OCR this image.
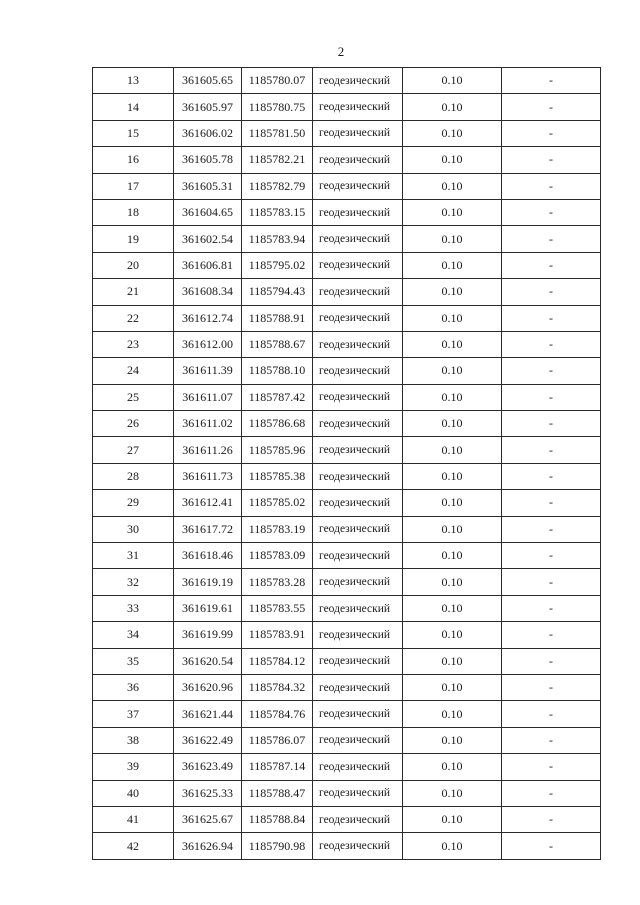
2
13	361605.65	1185780.07	геодезический	0.10	-
14	361605.97	1185780.75	геодезический	0.10	-
15	361606.02	1185781.50	геодезический	0.10	-
16	361605.78	1185782.21	геодезический	0.10	-
17	361605.31	1185782.79	геодезический	0.10	-
18	361604.65	1185783.15	геодезический	0.10	-
19	361602.54	1185783.94	геодезический	0.10	-
20	361606.81	1185795.02	геодезический	0.10	-
21	361608.34	1185794.43	геодезический	0.10	-
22	361612.74	1185788.91	геодезический	0.10	-
23	361612.00	1185788.67	геодезический	0.10	-
24	361611.39	1185788.10	геодезический	0.10	-
25	361611.07	1185787.42	геодезический	0.10	-
26	361611.02	1185786.68	геодезический	0.10	-
27	361611.26	1185785.96	геодезический	0.10	-
28	361611.73	1185785.38	геодезический	0.10	-
29	361612.41	1185785.02	геодезический	0.10	-
30	361617.72	1185783.19	геодезический	0.10	-
31	361618.46	1185783.09	геодезический	0.10	-
32	361619.19	1185783.28	геодезический	0.10	-
33	361619.61	1185783.55	геодезический	0.10	-
34	361619.99	1185783.91	геодезический	0.10	-
35	361620.54	1185784.12	геодезический	0.10	-
36	361620.96	1185784.32	геодезический	0.10	-
37	361621.44	1185784.76	геодезический	0.10	-
38	361622.49	1185786.07	геодезический	0.10	-
39	361623.49	1185787.14	геодезический	0.10	-
40	361625.33	1185788.47	геодезический	0.10	-
41	361625.67	1185788.84	геодезический	0.10	-
42	361626.94	1185790.98	геодезический	0.10	-
